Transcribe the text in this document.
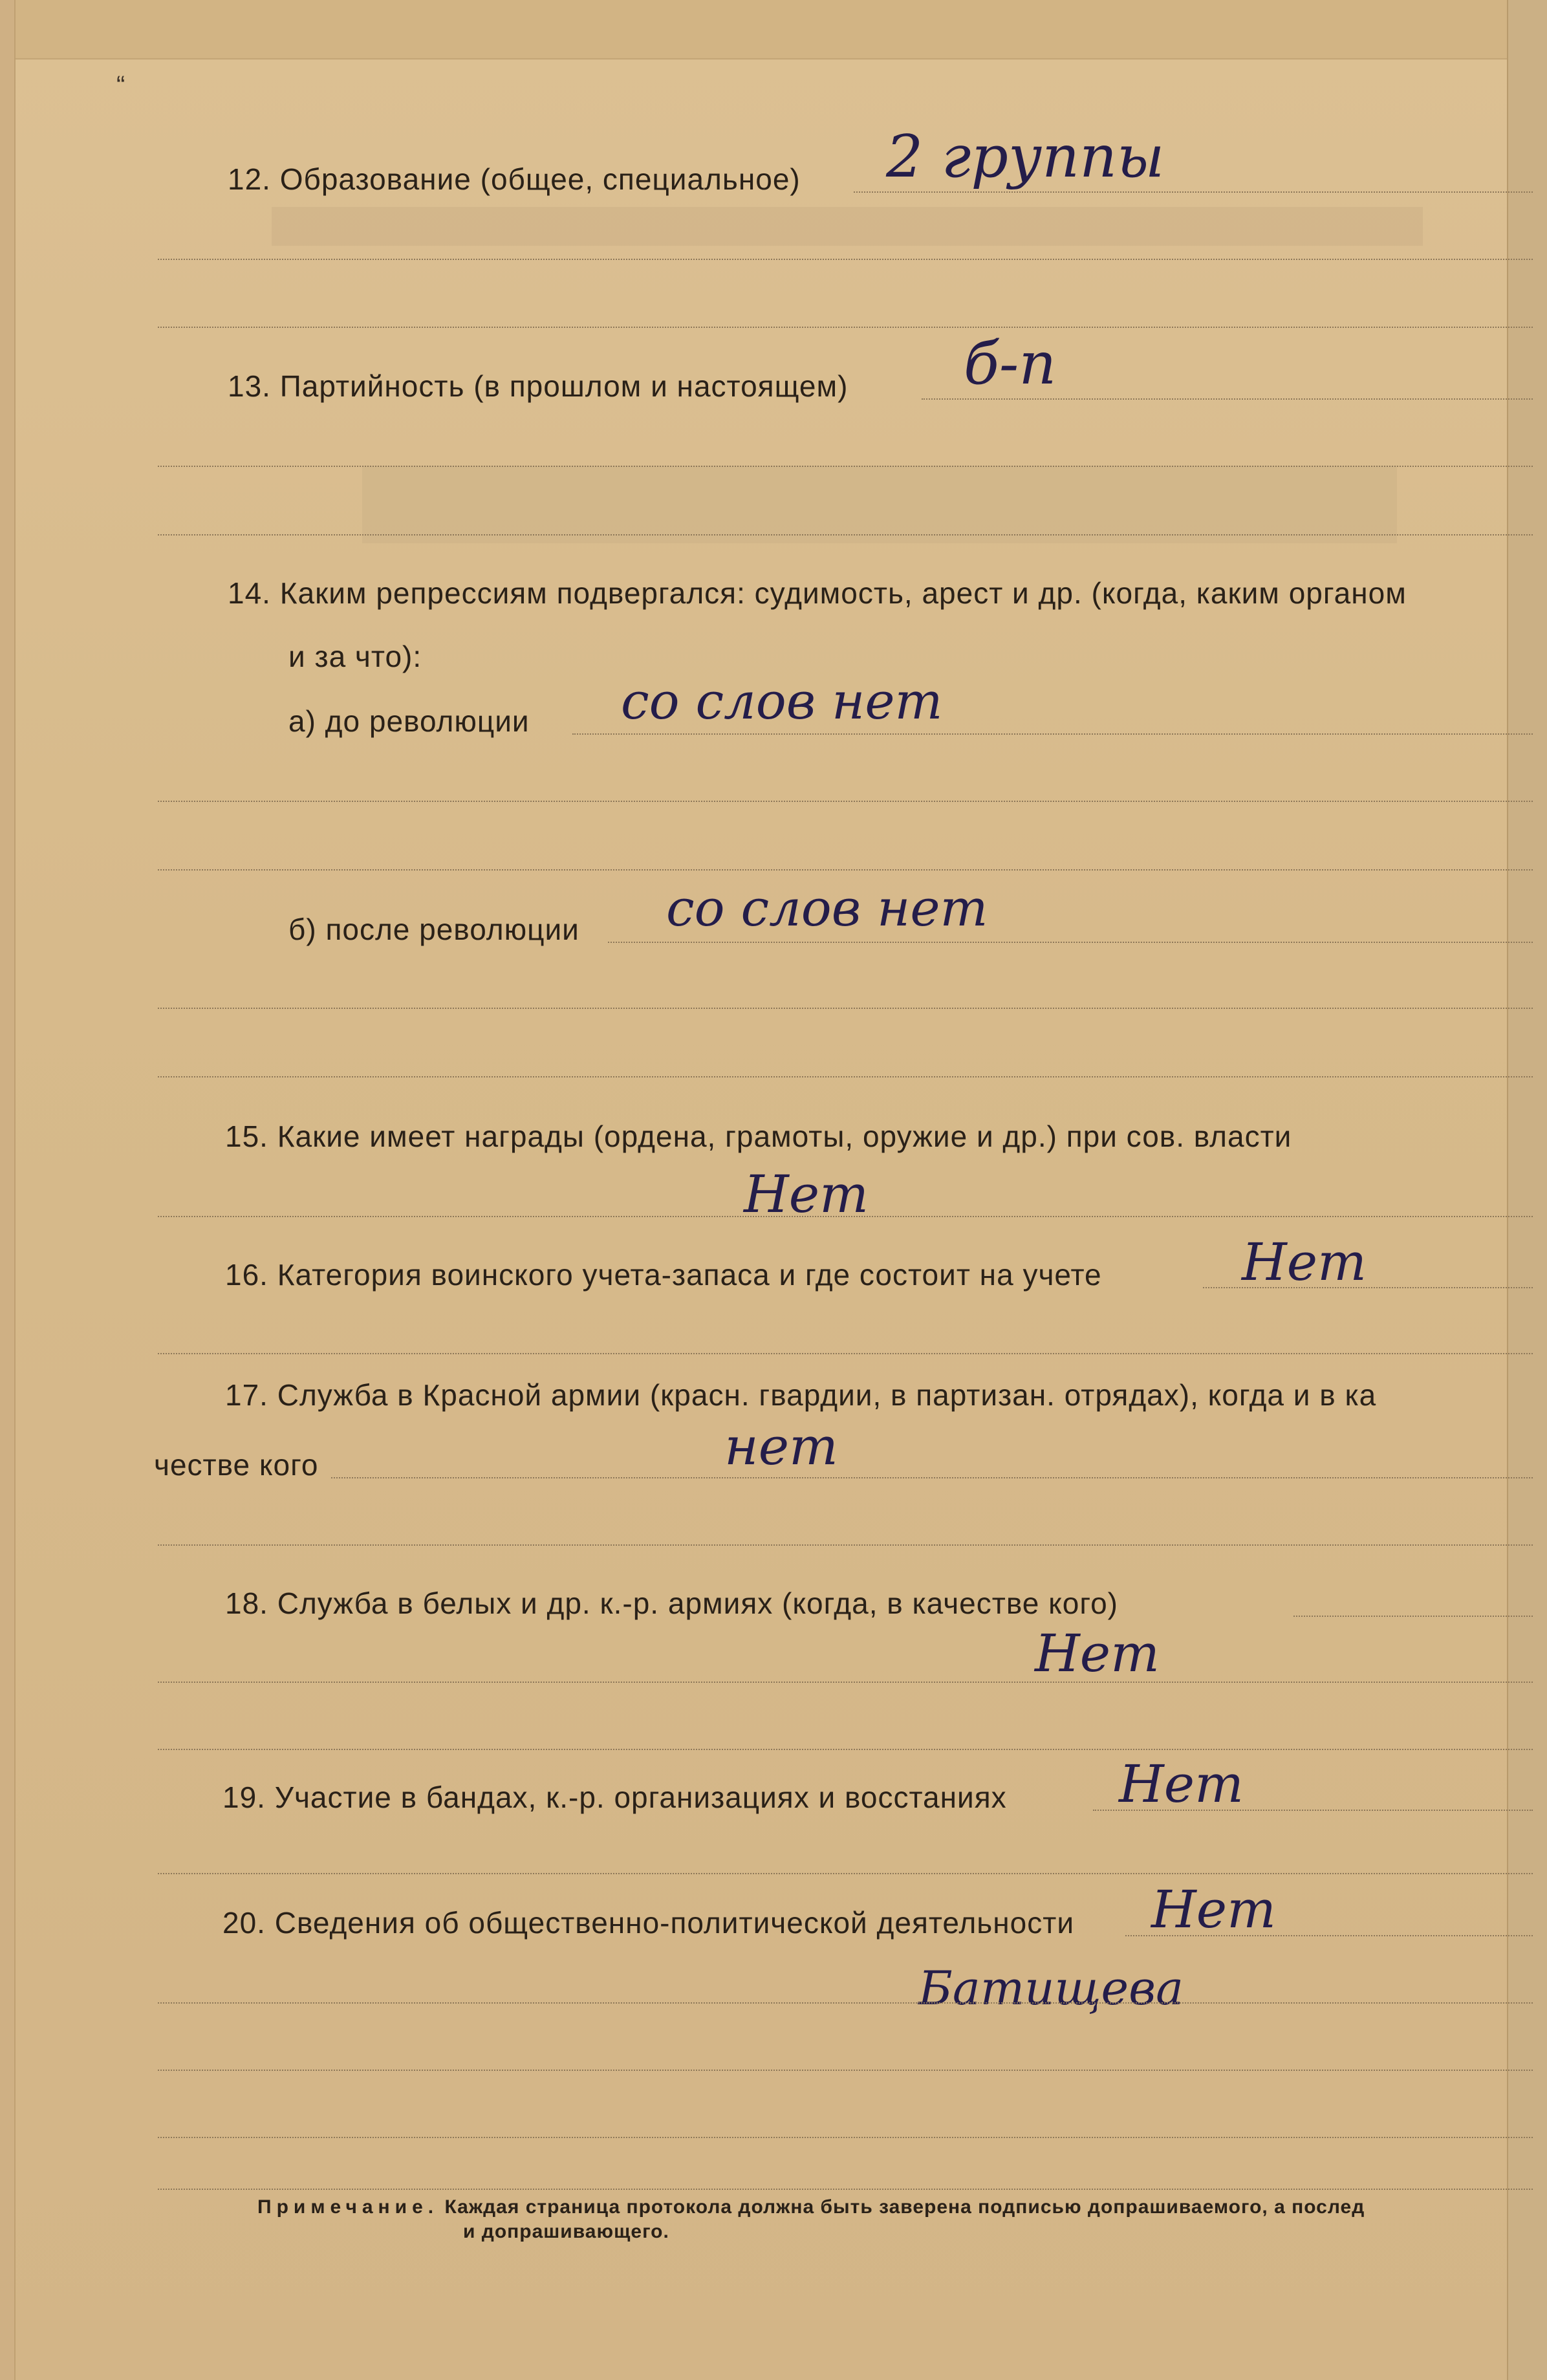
“
12. Образование (общее, специальное) 2 группы
13. Партийность (в прошлом и настоящем) б-п
14. Каким репрессиям подвергался: судимость, арест и др. (когда, каким органом
и за что):
а) до революции со слов нет
б) после революции со слов нет
15. Какие имеет награды (ордена, грамоты, оружие и др.) при сов. власти
Нет
16. Категория воинского учета-запаса и где состоит на учете	Нет
17. Служба в Красной армии (красн. гвардии, в партизан. отрядах), когда и в ка
честве кого	нет
18. Служба в белых и др. к.-р. армиях (когда, в качестве кого)
Нет
19. Участие в бандах, к.-р. организациях и восстаниях Нет
20. Сведения об общественно-политической деятельности Нет
Батищева
Примечание. Каждая страница протокола должна быть заверена подписью допрашиваемого, а послед
и допрашивающего.
